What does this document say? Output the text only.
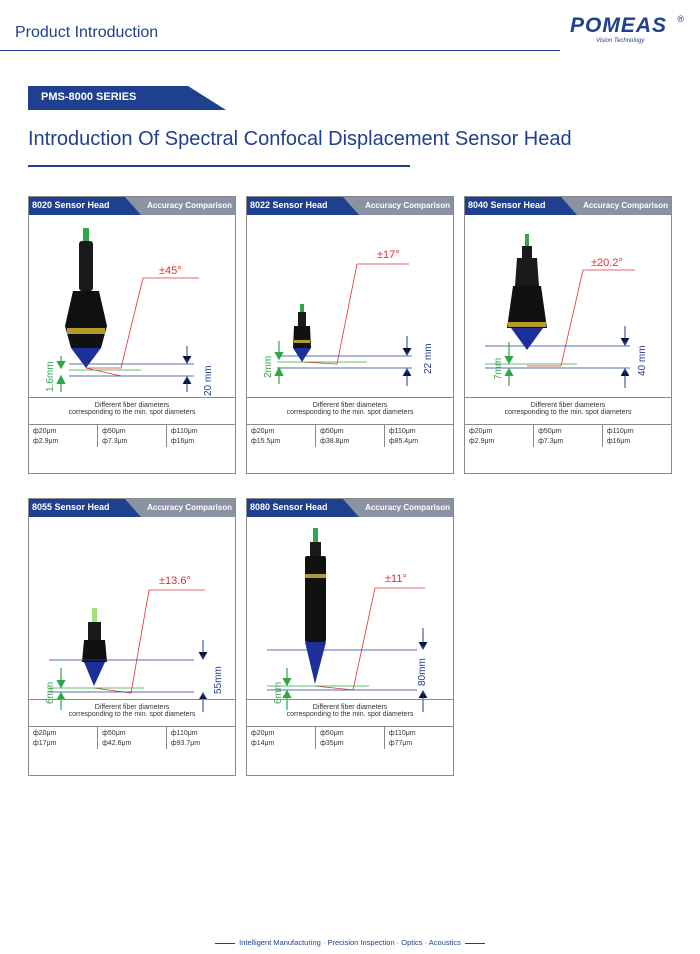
Product Introduction	POMEAS ®
Vision Technology
PMS-8000 SERIES
Introduction Of Spectral Confocal Displacement Sensor Head
8020 Sensor Head	Accuracy Comparison
±45°
1.6mm	20 mm
Different fiber diameters
corresponding to the min. spot diameters
ф20μm	ф50μm	ф110μm
ф2.9μm	ф7.3μm	ф16μm
8022 Sensor Head	Accuracy Comparison
±17°
2mm	22 mm
Different fiber diameters
corresponding to the min. spot diameters
ф20μm	ф50μm	ф110μm
ф15.5μm	ф38.8μm	ф85.4μm
8040 Sensor Head	Accuracy Comparison
±20.2°
7mm	40 mm
Different fiber diameters
corresponding to the min. spot diameters
ф20μm	ф50μm	ф110μm
ф2.9μm	ф7.3μm	ф16μm
8055 Sensor Head	Accuracy Comparison
±13.6°
6mm	55mm
Different fiber diameters
corresponding to the min. spot diameters
ф20μm	ф50μm	ф110μm
ф17μm	ф42.6μm	ф93.7μm
8080 Sensor Head	Accuracy Comparison
±11°
6mm
80mm
Different fiber diameters
corresponding to the min. spot diameters
ф20μm	ф50μm	ф110μm
ф14μm	ф35μm	ф77μm
Intelligent Manufacturing · Precision Inspection · Optics · Acoustics
